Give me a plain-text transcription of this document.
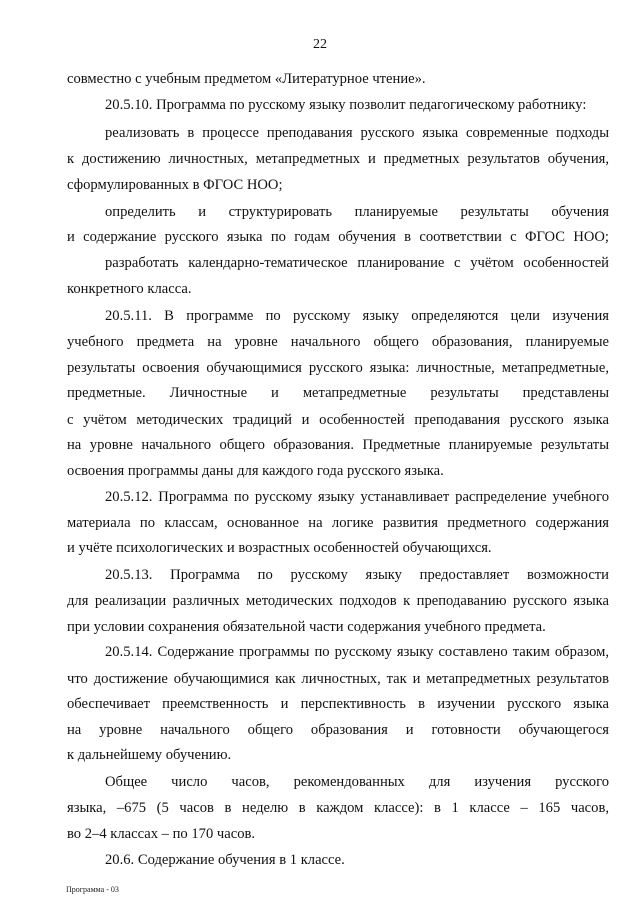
22
совместно с учебным предметом «Литературное чтение».
20.5.10. Программа по русскому языку позволит педагогическому работнику:
реализовать в процессе преподавания русского языка современные подходы
к достижению личностных, метапредметных и предметных результатов обучения,
сформулированных в ФГОС НОО;
определить и структурировать планируемые результаты обучения
и содержание русского языка по годам обучения в соответствии с ФГОС НОО;
разработать календарно-тематическое планирование с учётом особенностей
конкретного класса.
20.5.11. В программе по русскому языку определяются цели изучения
учебного предмета на уровне начального общего образования, планируемые
результаты освоения обучающимися русского языка: личностные, метапредметные,
предметные. Личностные и метапредметные результаты представлены
с учётом методических традиций и особенностей преподавания русского языка
на уровне начального общего образования. Предметные планируемые результаты
освоения программы даны для каждого года русского языка.
20.5.12. Программа по русскому языку устанавливает распределение учебного
материала по классам, основанное на логике развития предметного содержания
и учёте психологических и возрастных особенностей обучающихся.
20.5.13. Программа по русскому языку предоставляет возможности
для реализации различных методических подходов к преподаванию русского языка
при условии сохранения обязательной части содержания учебного предмета.
20.5.14. Содержание программы по русскому языку составлено таким образом,
что достижение обучающимися как личностных, так и метапредметных результатов
обеспечивает преемственность и перспективность в изучении русского языка
на уровне начального общего образования и готовности обучающегося
к дальнейшему обучению.
Общее число часов, рекомендованных для изучения русского
языка, –675 (5 часов в неделю в каждом классе): в 1 классе – 165 часов,
во 2–4 классах – по 170 часов.
20.6. Содержание обучения в 1 классе.
Программа - 03
